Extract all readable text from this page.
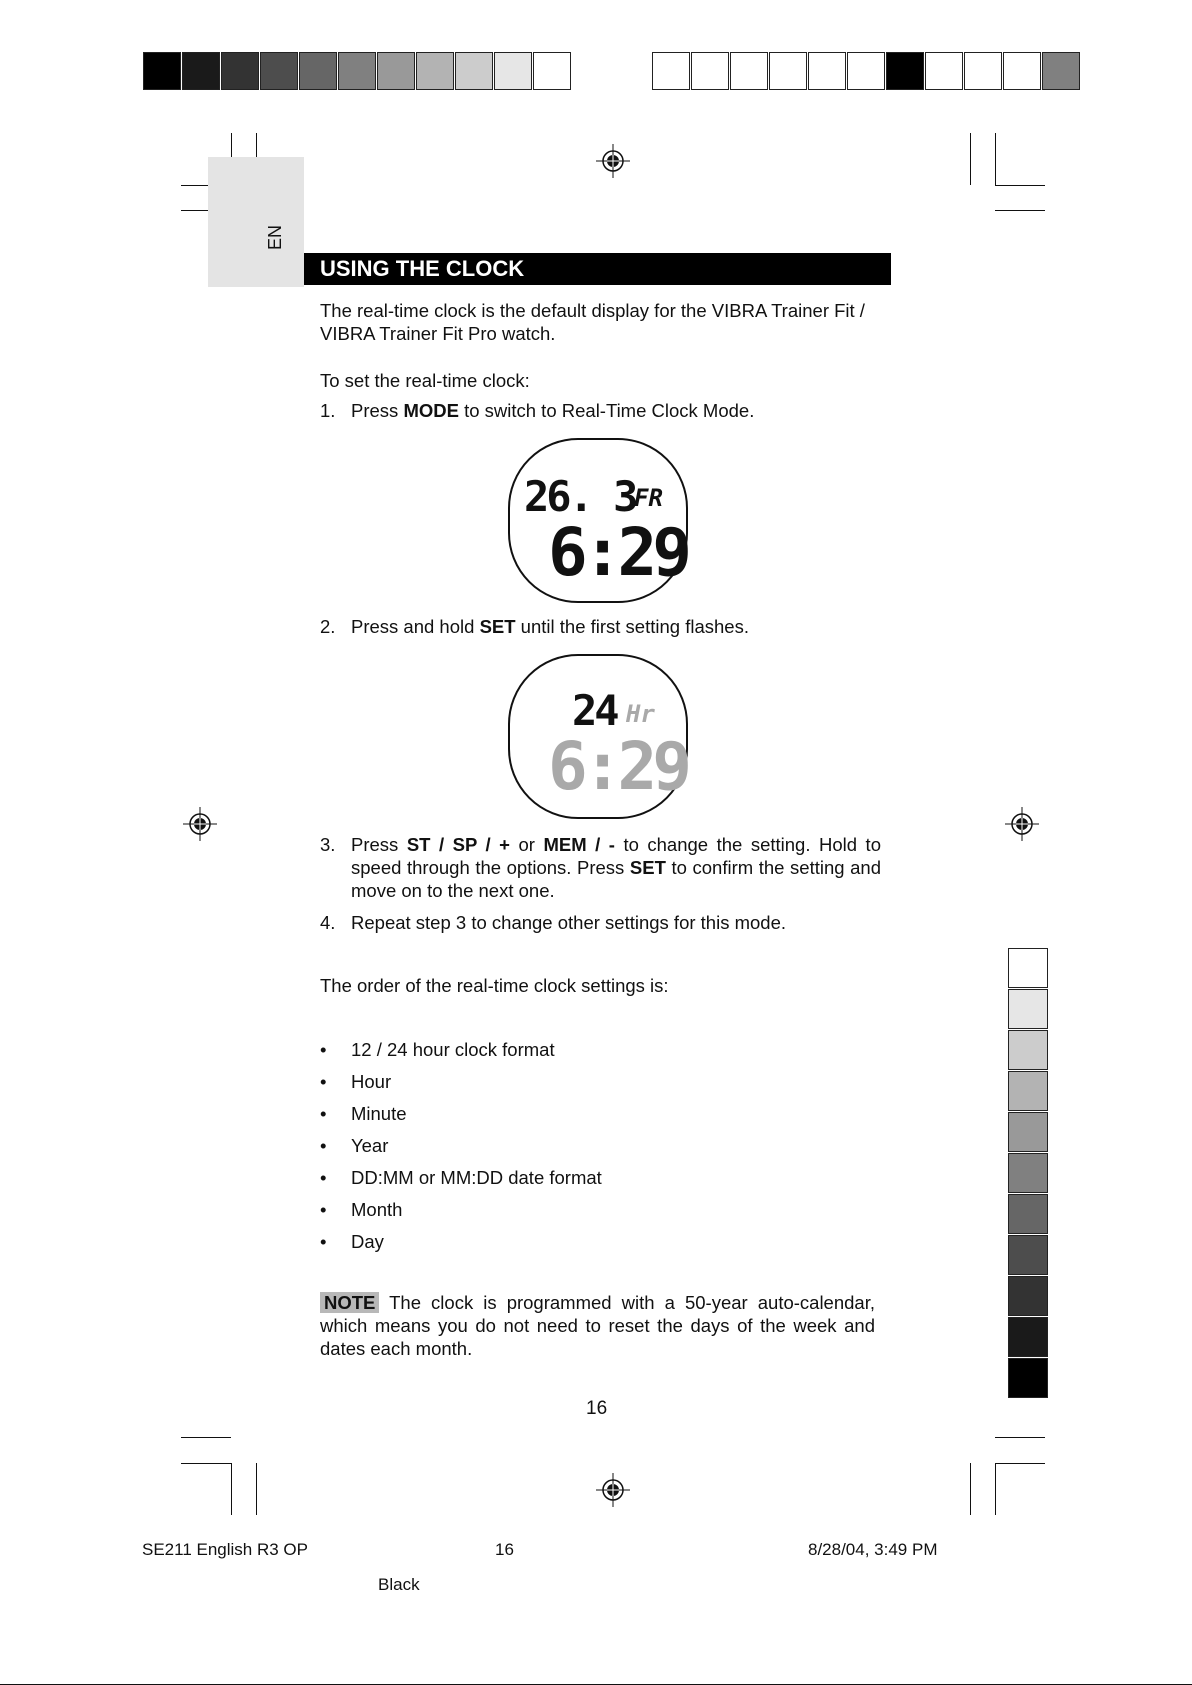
EN
USING THE CLOCK
The real-time clock is the default display for the VIBRA Trainer Fit / VIBRA Trainer Fit Pro watch.
To set the real-time clock:
1. Press MODE to switch to Real-Time Clock Mode.
26. 3
FR
6:29
2. Press and hold SET until the first setting flashes.
24 Hr
6:29
3. Press ST / SP / + or MEM / - to change the setting. Hold to speed through the options. Press SET to confirm the setting and move on to the next one.
4. Repeat step 3 to change other settings for this mode.
The order of the real-time clock settings is:
• 12 / 24 hour clock format
• Hour
• Minute
• Year
• DD:MM or MM:DD date format
• Month
• Day
NOTE The clock is programmed with a 50-year auto-calendar, which means you do not need to reset the days of the week and dates each month.
16
SE211 English R3 OP	16	8/28/04, 3:49 PM
Black
